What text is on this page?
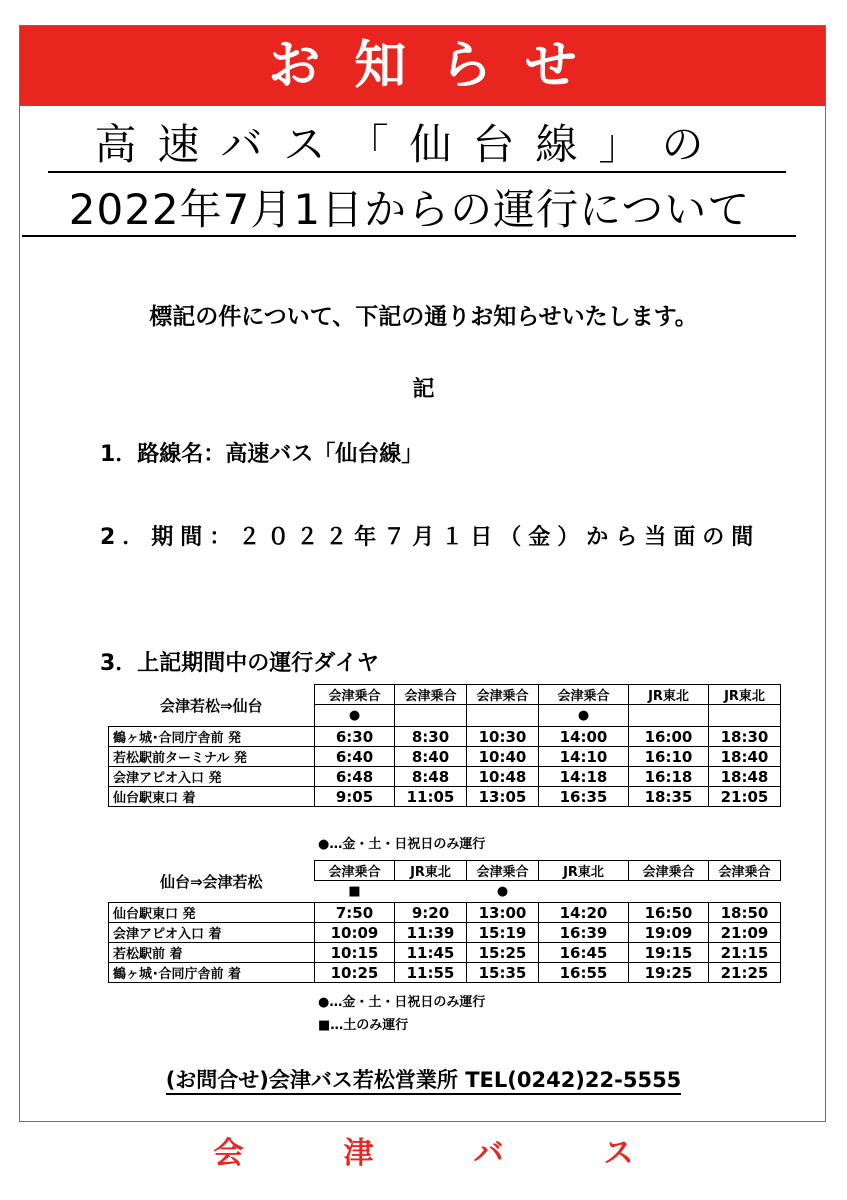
お知らせ
高速バス「仙台線」の
2022年7月1日からの運行について
標記の件について、下記の通りお知らせいたします。
記
1．路線名：高速バス「仙台線」
2．期間：２０２２年７月１日（金）から当面の間
3．上記期間中の運行ダイヤ
会津若松⇒仙台	会津乗合	会津乗合	会津乗合	会津乗合	JR東北	JR東北
	●			●		
鶴ヶ城･合同庁舎前 発	6:30	8:30	10:30	14:00	16:00	18:30
若松駅前ターミナル 発	6:40	8:40	10:40	14:10	16:10	18:40
会津アピオ入口 発	6:48	8:48	10:48	14:18	16:18	18:48
仙台駅東口 着	9:05	11:05	13:05	16:35	18:35	21:05
●…金・土・日祝日のみ運行
仙台⇒会津若松	会津乗合	JR東北	会津乗合	JR東北	会津乗合	会津乗合
	■		●			
仙台駅東口 発	7:50	9:20	13:00	14:20	16:50	18:50
会津アピオ入口 着	10:09	11:39	15:19	16:39	19:09	21:09
若松駅前 着	10:15	11:45	15:25	16:45	19:15	21:15
鶴ヶ城･合同庁舎前 着	10:25	11:55	15:35	16:55	19:25	21:25
●…金・土・日祝日のみ運行
■…土のみ運行
(お問合せ)会津バス若松営業所 TEL(0242)22-5555
会津バス
